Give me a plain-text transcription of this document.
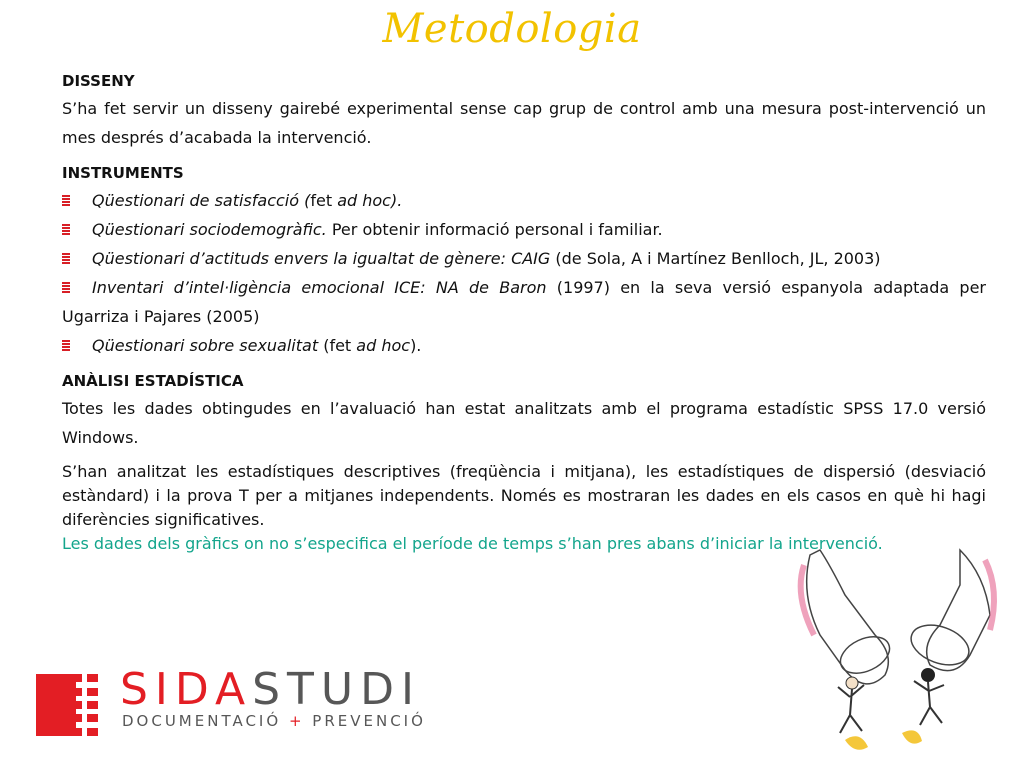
Metodologia
DISSENY
S’ha fet servir un disseny gairebé experimental sense cap grup de control amb una mesura post-intervenció un mes després d’acabada la intervenció.
INSTRUMENTS
Qüestionari de satisfacció (fet ad hoc).
Qüestionari sociodemogràfic. Per obtenir informació personal i familiar.
Qüestionari d’actituds envers la igualtat de gènere: CAIG (de Sola, A i Martínez Benlloch, JL, 2003)
Inventari d’intel·ligència emocional ICE: NA de Baron (1997) en la seva versió espanyola adaptada per Ugarriza i Pajares (2005)
Qüestionari sobre sexualitat (fet ad hoc).
ANÀLISI ESTADÍSTICA
Totes les dades obtingudes en l’avaluació han estat analitzats amb el programa estadístic SPSS 17.0 versió Windows.
S’han analitzat les estadístiques descriptives (freqüència i mitjana), les estadístiques de dispersió (desviació estàndard) i la prova T per a mitjanes independents. Només es mostraran les dades en els casos en què hi hagi diferències significatives.
Les dades dels gràfics on no s’especifica el període de temps s’han pres abans d’iniciar la intervenció.
SIDASTUDI
DOCUMENTACIÓ + PREVENCIÓ
